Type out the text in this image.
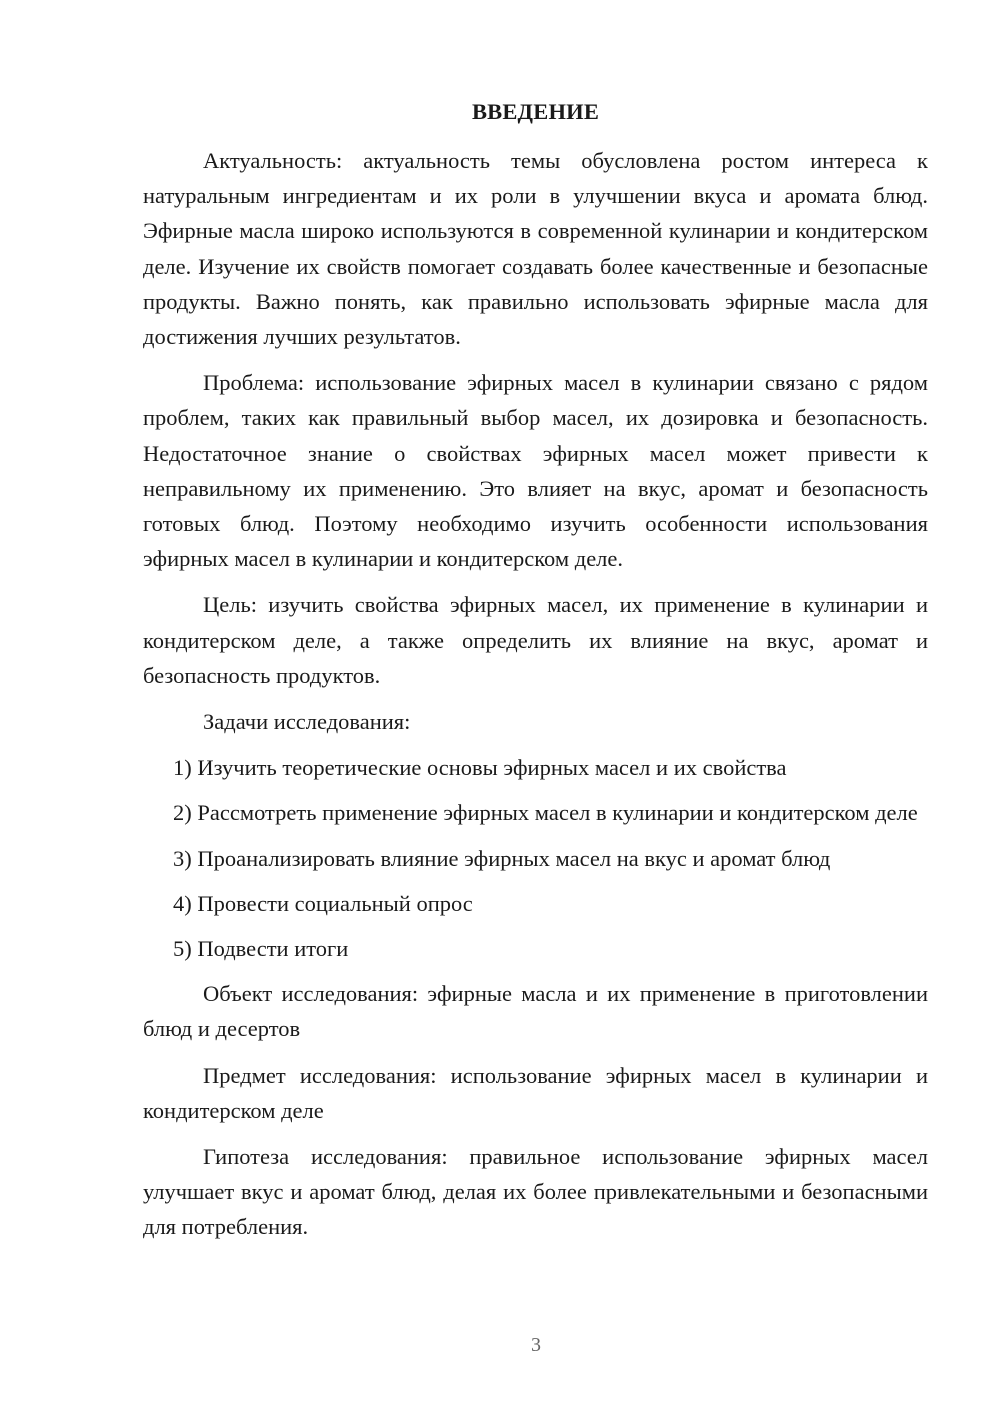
ВВЕДЕНИЕ

Актуальность: актуальность темы обусловлена ростом интереса к натуральным ингредиентам и их роли в улучшении вкуса и аромата блюд. Эфирные масла широко используются в современной кулинарии и кондитерском деле. Изучение их свойств помогает создавать более качественные и безопасные продукты. Важно понять, как правильно использовать эфирные масла для достижения лучших результатов.

Проблема: использование эфирных масел в кулинарии связано с рядом проблем, таких как правильный выбор масел, их дозировка и безопасность. Недостаточное знание о свойствах эфирных масел может привести к неправильному их применению. Это влияет на вкус, аромат и безопасность готовых блюд. Поэтому необходимо изучить особенности использования эфирных масел в кулинарии и кондитерском деле.

Цель: изучить свойства эфирных масел, их применение в кулинарии и кондитерском деле, а также определить их влияние на вкус, аромат и безопасность продуктов.

Задачи исследования:

1) Изучить теоретические основы эфирных масел и их свойства

2) Рассмотреть применение эфирных масел в кулинарии и кондитерском деле

3) Проанализировать влияние эфирных масел на вкус и аромат блюд

4) Провести социальный опрос

5) Подвести итоги

Объект исследования: эфирные масла и их применение в приготовлении блюд и десертов

Предмет исследования: использование эфирных масел в кулинарии и кондитерском деле

Гипотеза исследования: правильное использование эфирных масел улучшает вкус и аромат блюд, делая их более привлекательными и безопасными для потребления.

3
